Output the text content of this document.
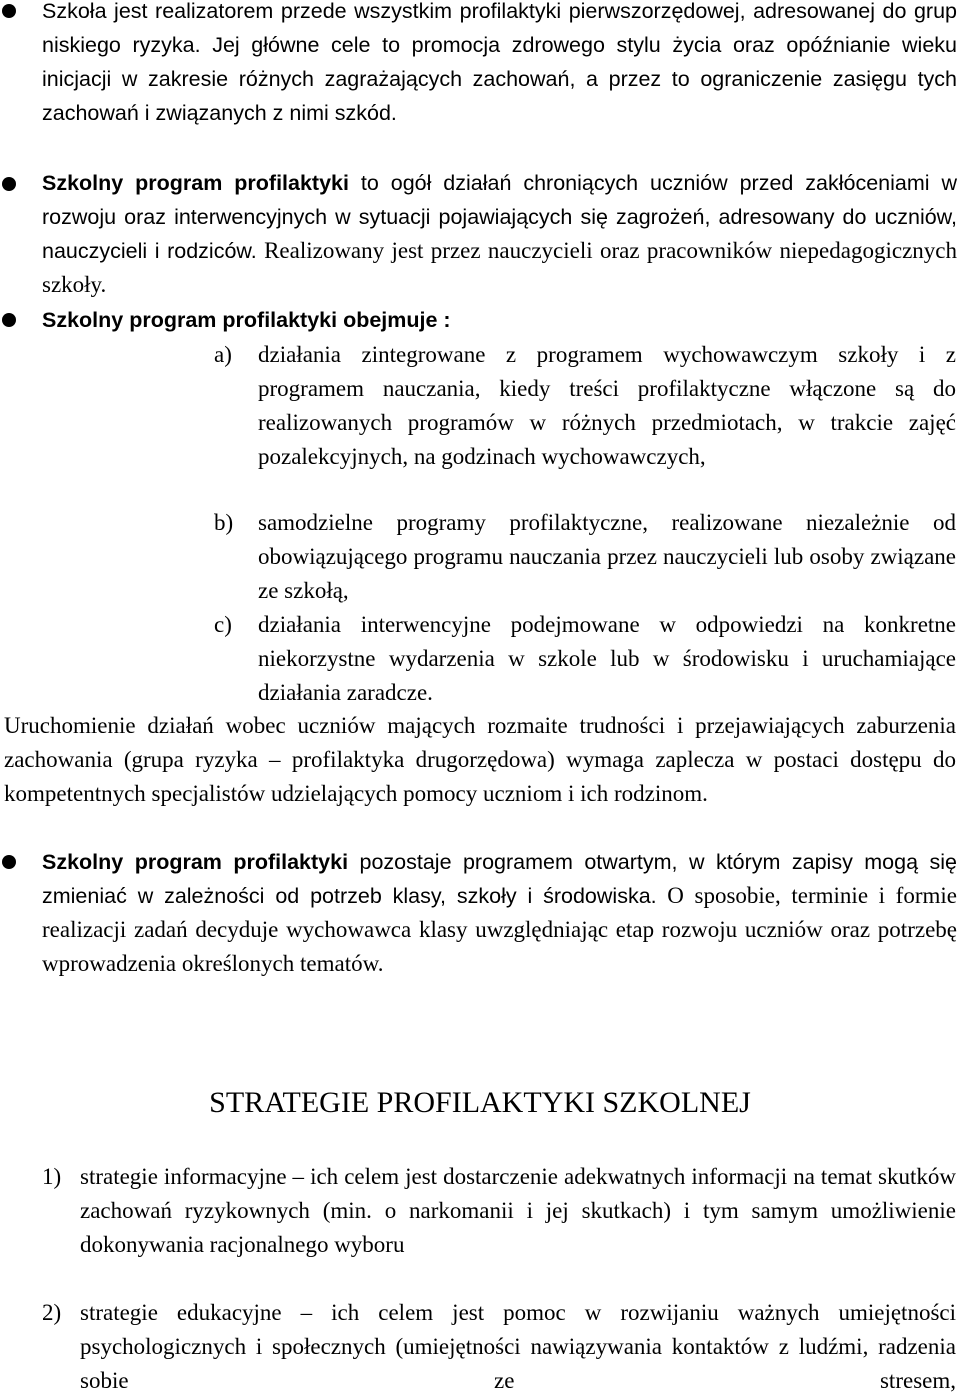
Szkoła jest realizatorem przede wszystkim profilaktyki pierwszorzędowej, adresowanej do grup niskiego ryzyka. Jej główne cele to promocja zdrowego stylu życia oraz opóźnianie wieku inicjacji w zakresie różnych zagrażających zachowań, a przez to ograniczenie zasięgu tych zachowań i związanych z nimi szkód.
Szkolny program profilaktyki to ogół działań chroniących uczniów przed zakłóceniami w rozwoju oraz interwencyjnych w sytuacji pojawiających się zagrożeń, adresowany do uczniów, nauczycieli i rodziców. Realizowany jest przez nauczycieli oraz pracowników niepedagogicznych szkoły.
Szkolny program profilaktyki obejmuje :
a) działania zintegrowane z programem wychowawczym szkoły i z programem nauczania, kiedy treści profilaktyczne włączone są do realizowanych programów w różnych przedmiotach, w trakcie zajęć pozalekcyjnych, na godzinach wychowawczych,
b) samodzielne programy profilaktyczne, realizowane niezależnie od obowiązującego programu nauczania przez nauczycieli lub osoby związane ze szkołą,
c) działania interwencyjne podejmowane w odpowiedzi na konkretne niekorzystne wydarzenia w szkole lub w środowisku i uruchamiające działania zaradcze.
Uruchomienie działań wobec uczniów mających rozmaite trudności i przejawiających zaburzenia zachowania (grupa ryzyka – profilaktyka drugorzędowa) wymaga zaplecza w postaci dostępu do kompetentnych specjalistów udzielających pomocy uczniom i ich rodzinom.
Szkolny program profilaktyki pozostaje programem otwartym, w którym zapisy mogą się zmieniać w zależności od potrzeb klasy, szkoły i środowiska. O sposobie, terminie i formie realizacji zadań decyduje wychowawca klasy uwzględniając etap rozwoju uczniów oraz potrzebę wprowadzenia określonych tematów.
STRATEGIE PROFILAKTYKI SZKOLNEJ
1) strategie informacyjne – ich celem jest dostarczenie adekwatnych informacji na temat skutków zachowań ryzykownych (min. o narkomanii i jej skutkach) i tym samym umożliwienie dokonywania racjonalnego wyboru
2) strategie edukacyjne – ich celem jest pomoc w rozwijaniu ważnych umiejętności psychologicznych i społecznych (umiejętności nawiązywania kontaktów z ludźmi, radzenia sobie ze stresem,
